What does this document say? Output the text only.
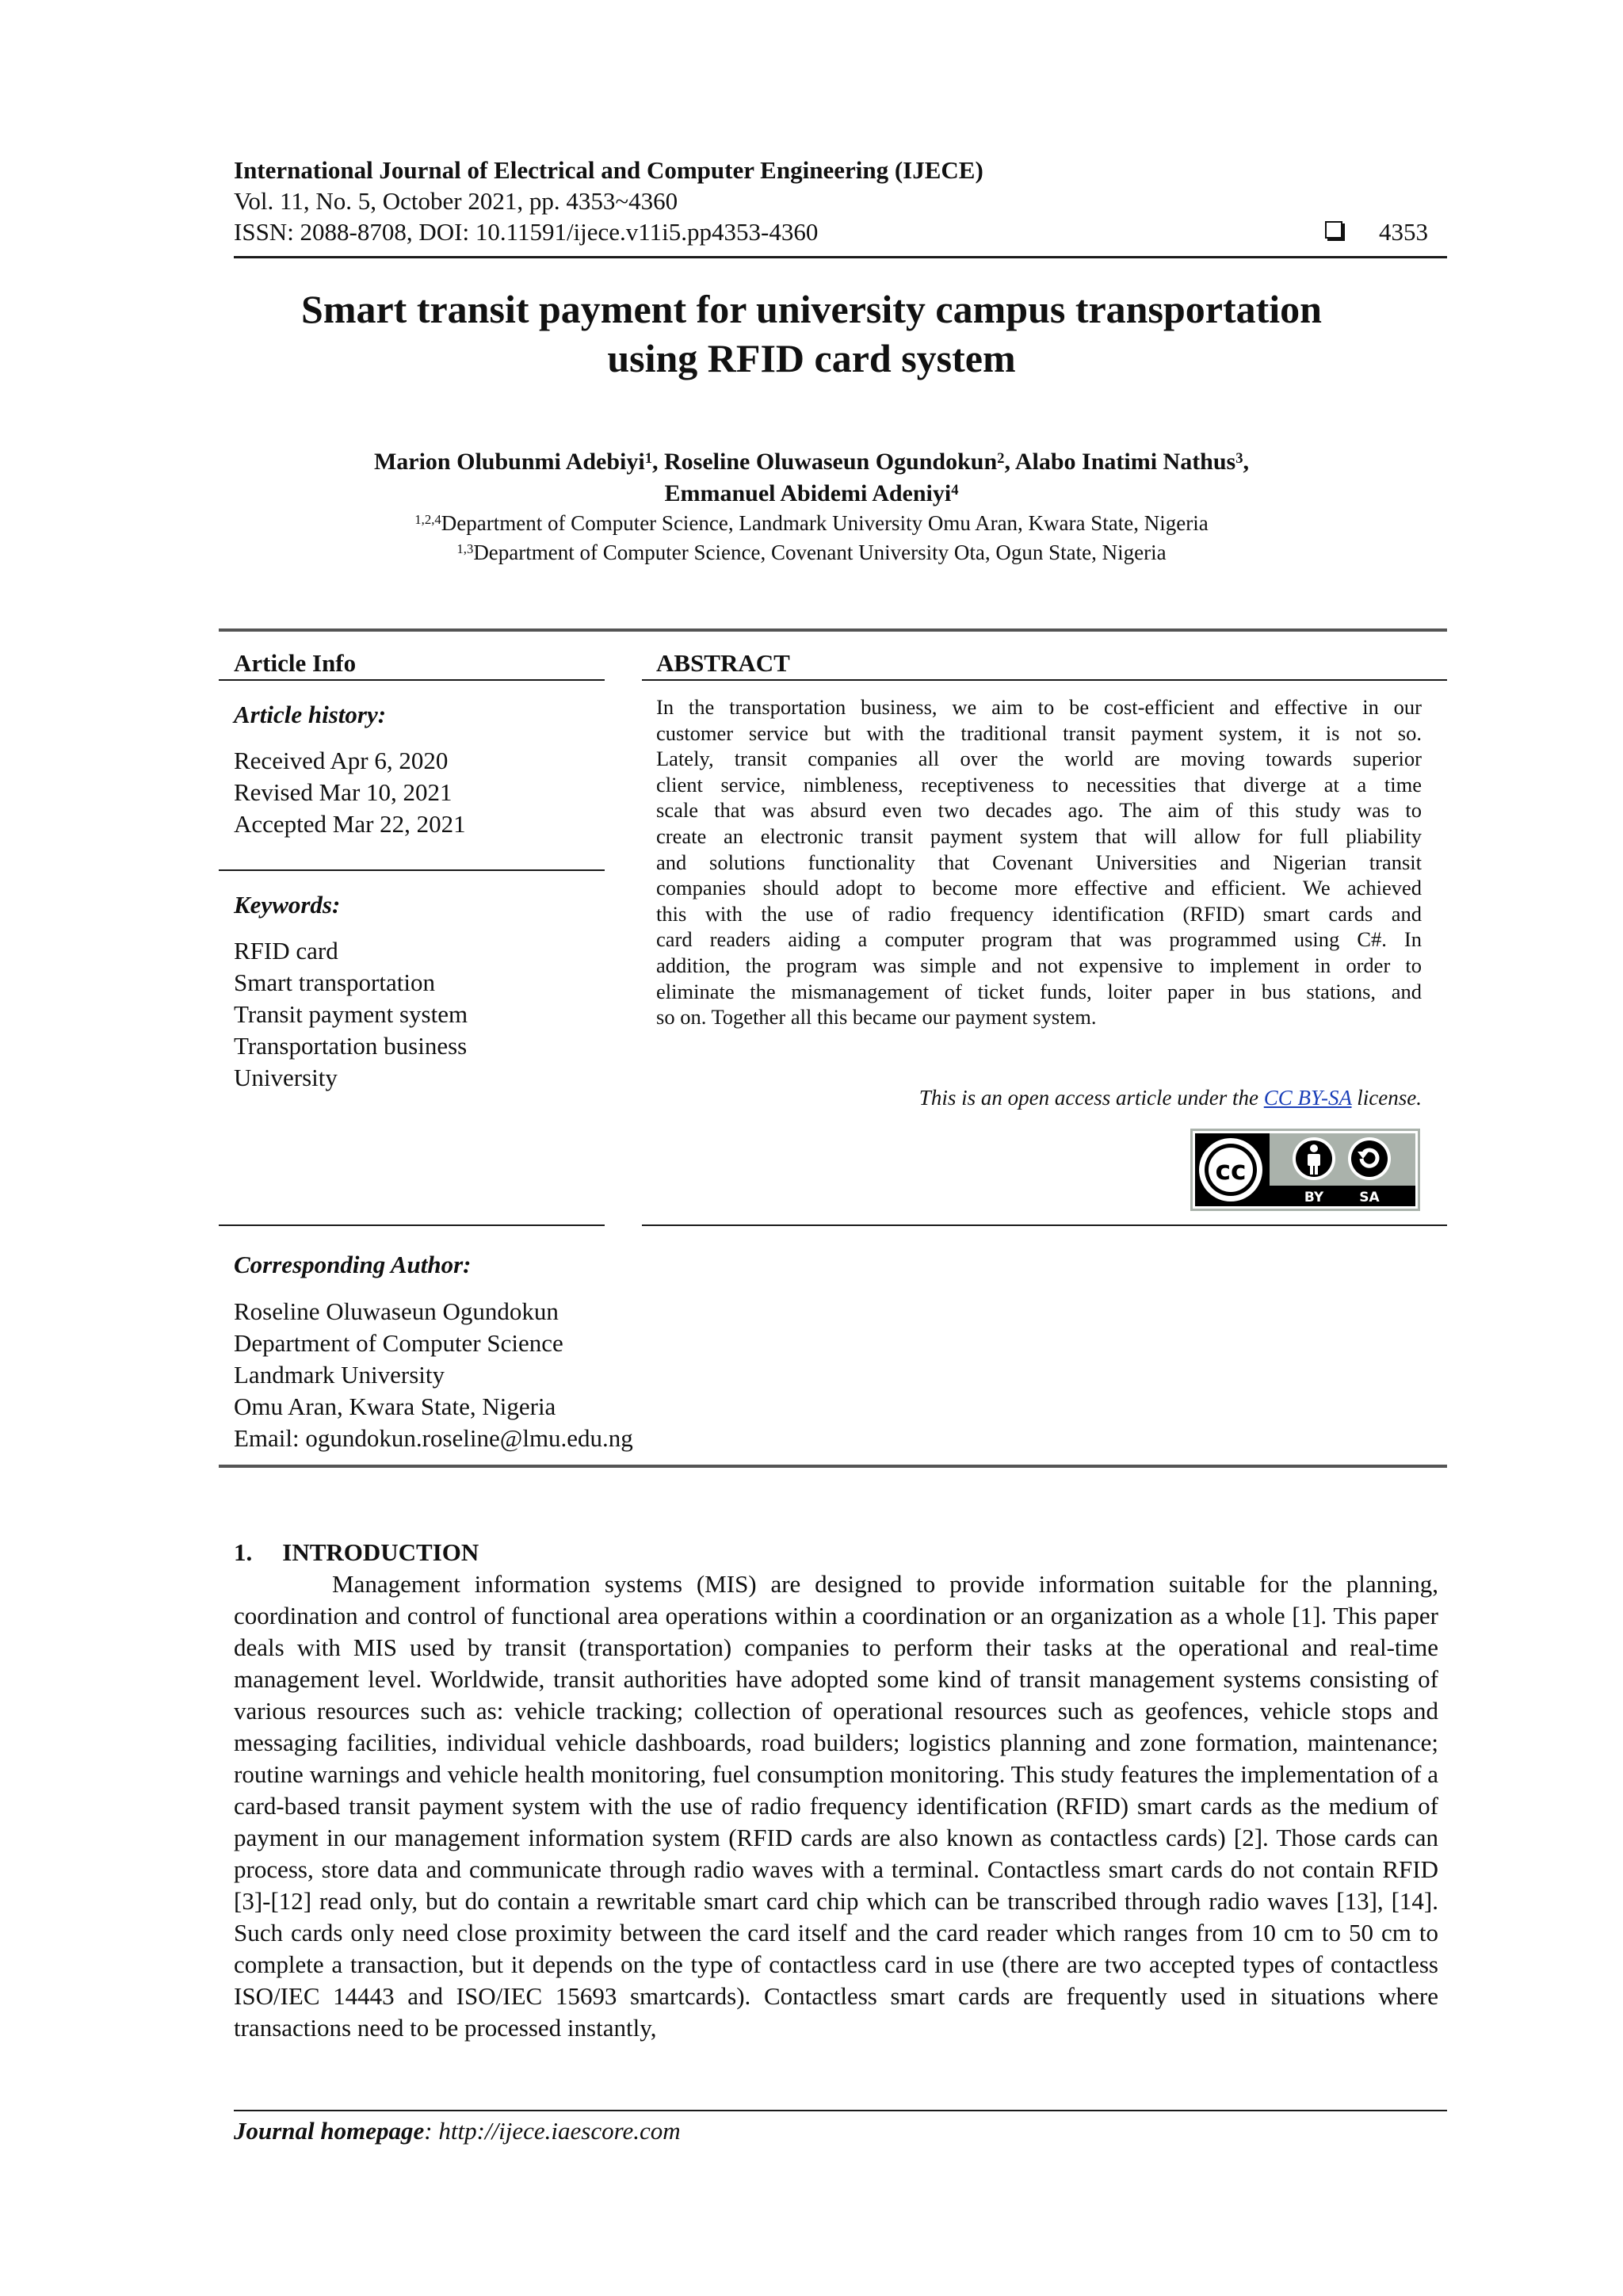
International Journal of Electrical and Computer Engineering (IJECE)
Vol. 11, No. 5, October 2021, pp. 4353~4360
ISSN: 2088-8708, DOI: 10.11591/ijece.v11i5.pp4353-4360	4353
Smart transit payment for university campus transportation
using RFID card system
Marion Olubunmi Adebiyi$^1$, Roseline Oluwaseun Ogundokun$^2$, Alabo Inatimi Nathus$^3$,
Emmanuel Abidemi Adeniyi$^4$
$^{1,2,4}$Department of Computer Science, Landmark University Omu Aran, Kwara State, Nigeria
$^{1,3}$Department of Computer Science, Covenant University Ota, Ogun State, Nigeria
Article Info
Article history:
Received Apr 6, 2020
Revised Mar 10, 2021
Accepted Mar 22, 2021
Keywords:
RFID card
Smart transportation
Transit payment system
Transportation business
University
ABSTRACT
In the transportation business, we aim to be cost-efficient and effective in our
customer service but with the traditional transit payment system, it is not so.
Lately, transit companies all over the world are moving towards superior
client service, nimbleness, receptiveness to necessities that diverge at a time
scale that was absurd even two decades ago. The aim of this study was to
create an electronic transit payment system that will allow for full pliability
and solutions functionality that Covenant Universities and Nigerian transit
companies should adopt to become more effective and efficient. We achieved
this with the use of radio frequency identification (RFID) smart cards and
card readers aiding a computer program that was programmed using C#. In
addition, the program was simple and not expensive to implement in order to
eliminate the mismanagement of ticket funds, loiter paper in bus stations, and
so on. Together all this became our payment system.
This is an open access article under the CC BY-SA license.
cc
BY	SA
Corresponding Author:
Roseline Oluwaseun Ogundokun
Department of Computer Science
Landmark University
Omu Aran, Kwara State, Nigeria
Email: ogundokun.roseline@lmu.edu.ng
1. INTRODUCTION

Management information systems (MIS) are designed to provide information suitable for the planning, coordination and control of functional area operations within a coordination or an organization as a whole [1]. This paper deals with MIS used by transit (transportation) companies to perform their tasks at the operational and real-time management level. Worldwide, transit authorities have adopted some kind of transit management systems consisting of various resources such as: vehicle tracking; collection of operational resources such as geofences, vehicle stops and messaging facilities, individual vehicle dashboards, road builders; logistics planning and zone formation, maintenance; routine warnings and vehicle health monitoring, fuel consumption monitoring. This study features the implementation of a card-based transit payment system with the use of radio frequency identification (RFID) smart cards as the medium of payment in our management information system (RFID cards are also known as contactless cards) [2]. Those cards can process, store data and communicate through radio waves with a terminal. Contactless smart cards do not contain RFID [3]-[12] read only, but do contain a rewritable smart card chip which can be transcribed through radio waves [13], [14]. Such cards only need close proximity between the card itself and the card reader which ranges from 10 cm to 50 cm to complete a transaction, but it depends on the type of contactless card in use (there are two accepted types of contactless ISO/IEC 14443 and ISO/IEC 15693 smartcards). Contactless smart cards are frequently used in situations where transactions need to be processed instantly,

Journal homepage: http://ijece.iaescore.com
